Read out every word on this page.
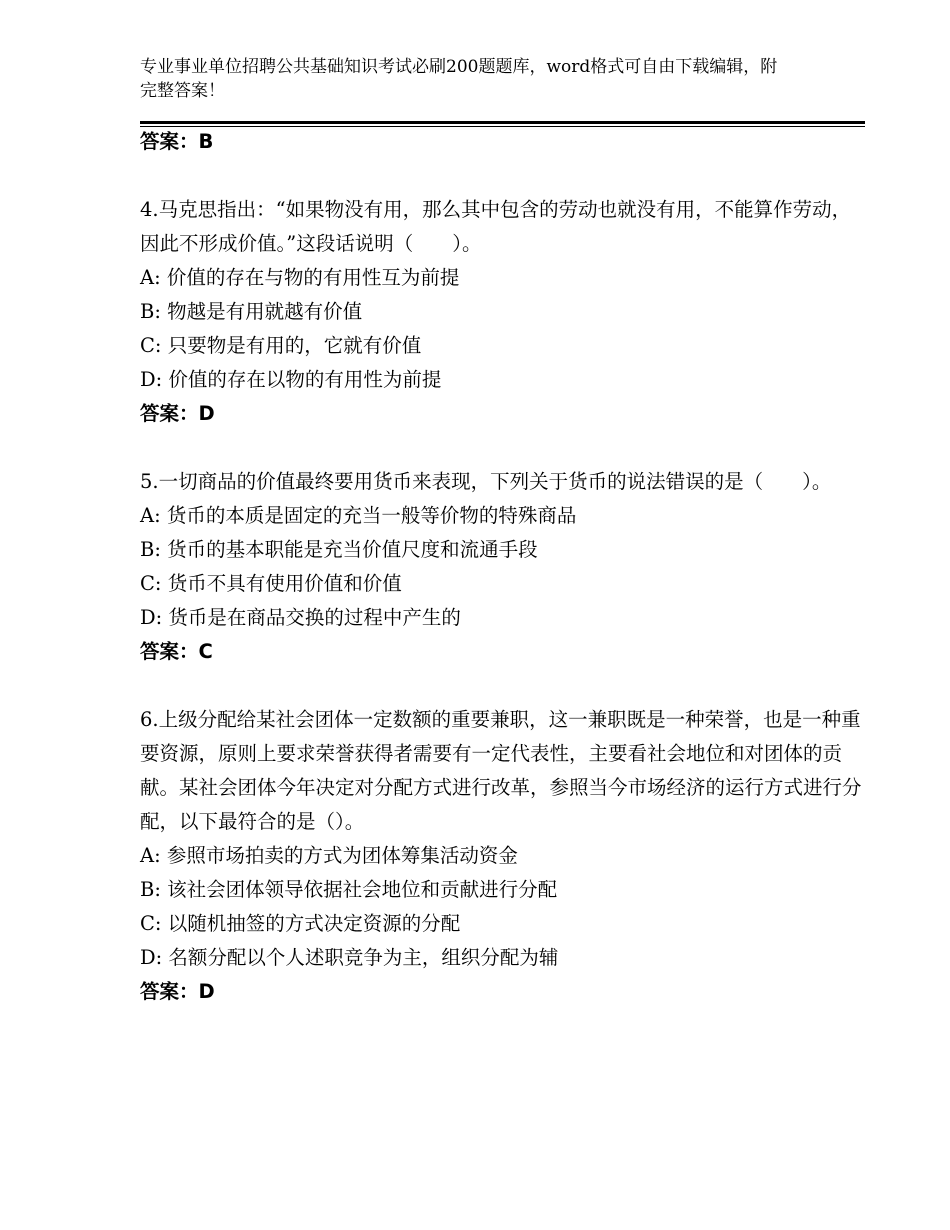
专业事业单位招聘公共基础知识考试必刷200题题库，word格式可自由下载编辑，附完整答案！
答案：B
4.马克思指出：“如果物没有用，那么其中包含的劳动也就没有用，不能算作劳动，因此不形成价值。”这段话说明（　　）。
A: 价值的存在与物的有用性互为前提
B: 物越是有用就越有价值
C: 只要物是有用的，它就有价值
D: 价值的存在以物的有用性为前提
答案：D
5.一切商品的价值最终要用货币来表现，下列关于货币的说法错误的是（　　）。
A: 货币的本质是固定的充当一般等价物的特殊商品
B: 货币的基本职能是充当价值尺度和流通手段
C: 货币不具有使用价值和价值
D: 货币是在商品交换的过程中产生的
答案：C
6.上级分配给某社会团体一定数额的重要兼职，这一兼职既是一种荣誉，也是一种重要资源，原则上要求荣誉获得者需要有一定代表性，主要看社会地位和对团体的贡献。某社会团体今年决定对分配方式进行改革，参照当今市场经济的运行方式进行分配，以下最符合的是（）。
A: 参照市场拍卖的方式为团体筹集活动资金
B: 该社会团体领导依据社会地位和贡献进行分配
C: 以随机抽签的方式决定资源的分配
D: 名额分配以个人述职竞争为主，组织分配为辅
答案：D
